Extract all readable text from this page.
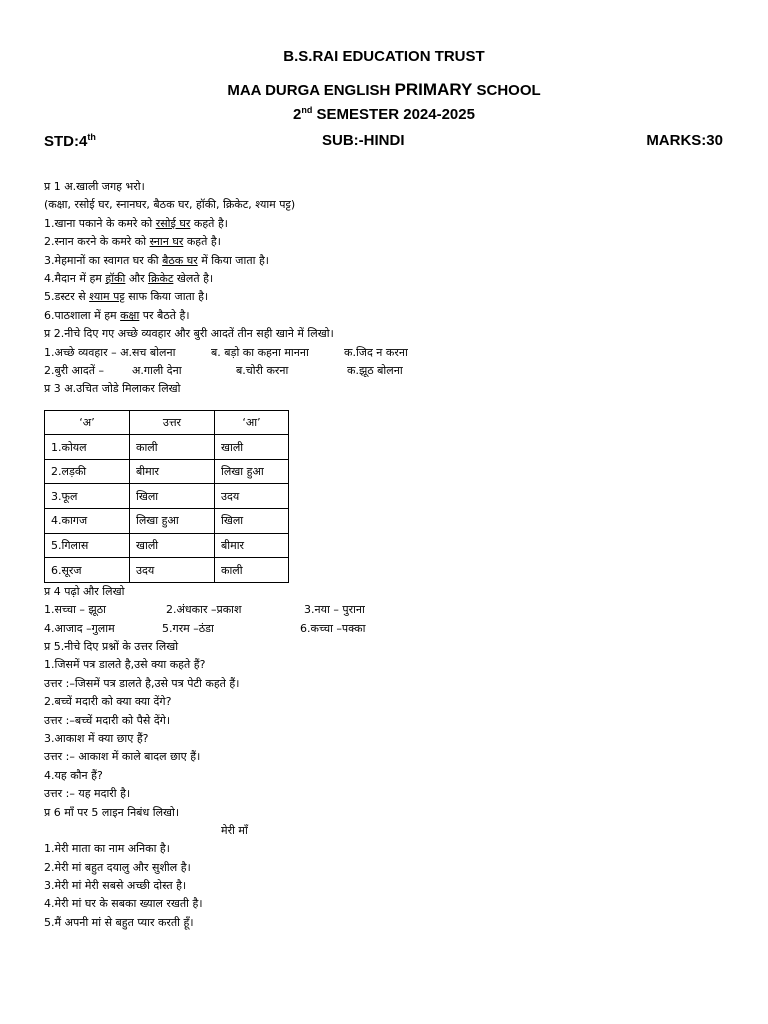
B.S.RAI EDUCATION TRUST
MAA DURGA ENGLISH PRIMARY SCHOOL
2nd SEMESTER 2024-2025
STD:4th	SUB:-HINDI	MARKS:30
प्र 1 अ.खाली जगह भरो।
(कक्षा, रसोई घर, स्नानघर, बैठक घर, हॉकी, क्रिकेट, श्याम पट्ट)
1.खाना पकाने के कमरे को रसोई घर कहते है।
2.स्नान करने के कमरे को स्नान घर कहते है।
3.मेहमानों का स्वागत घर की बैठक घर में किया जाता है।
4.मैदान में हम हॉकी और क्रिकेट खेलते है।
5.डस्टर से श्याम पट्ट साफ किया जाता है।
6.पाठशाला में हम कक्षा पर बैठते है।
प्र 2.नीचे दिए गए अच्छे व्यवहार और बुरी आदतें तीन सही खाने में लिखो।
1.अच्छे व्यवहार – अ.सच बोलना	ब. बड़ो का कहना मानना	क.जिद न करना
2.बुरी आदतें –	अ.गाली देना	ब.चोरी करना	क.झूठ बोलना
प्र 3 अ.उचित जोडे मिलाकर लिखो
‘अ’	उत्तर	‘आ’
1.कोयल	काली	खाली
2.लड़की	बीमार	लिखा हुआ
3.फूल	खिला	उदय
4.कागज	लिखा हुआ	खिला
5.गिलास	खाली	बीमार
6.सूरज	उदय	काली
प्र 4 पढ़ो और लिखो
1.सच्चा – झूठा	2.अंधकार –प्रकाश	3.नया – पुराना
4.आजाद –गुलाम	5.गरम –ठंडा	6.कच्चा –पक्का
प्र 5.नीचे दिए प्रश्नों के उत्तर लिखो
1.जिसमें पत्र डालते है,उसे क्या कहते हैं?
उत्तर :–जिसमें पत्र डालते है,उसे पत्र पेटी कहते हैं।
2.बच्चें मदारी को क्या क्या देंगे?
उत्तर :–बच्चें मदारी को पैसे देंगे।
3.आकाश में क्या छाए हैं?
उत्तर :– आकाश में काले बादल छाए हैं।
4.यह कौन हैं?
उत्तर :– यह मदारी है।
प्र 6 माँ पर 5 लाइन निबंध लिखो।
मेरी माँ
1.मेरी माता का नाम अनिका है।
2.मेरी मां बहुत दयालु और सुशील है।
3.मेरी मां मेरी सबसे अच्छी दोस्त है।
4.मेरी मां घर के सबका ख्याल रखती है।
5.मैं अपनी मां से बहुत प्यार करती हूँ।
